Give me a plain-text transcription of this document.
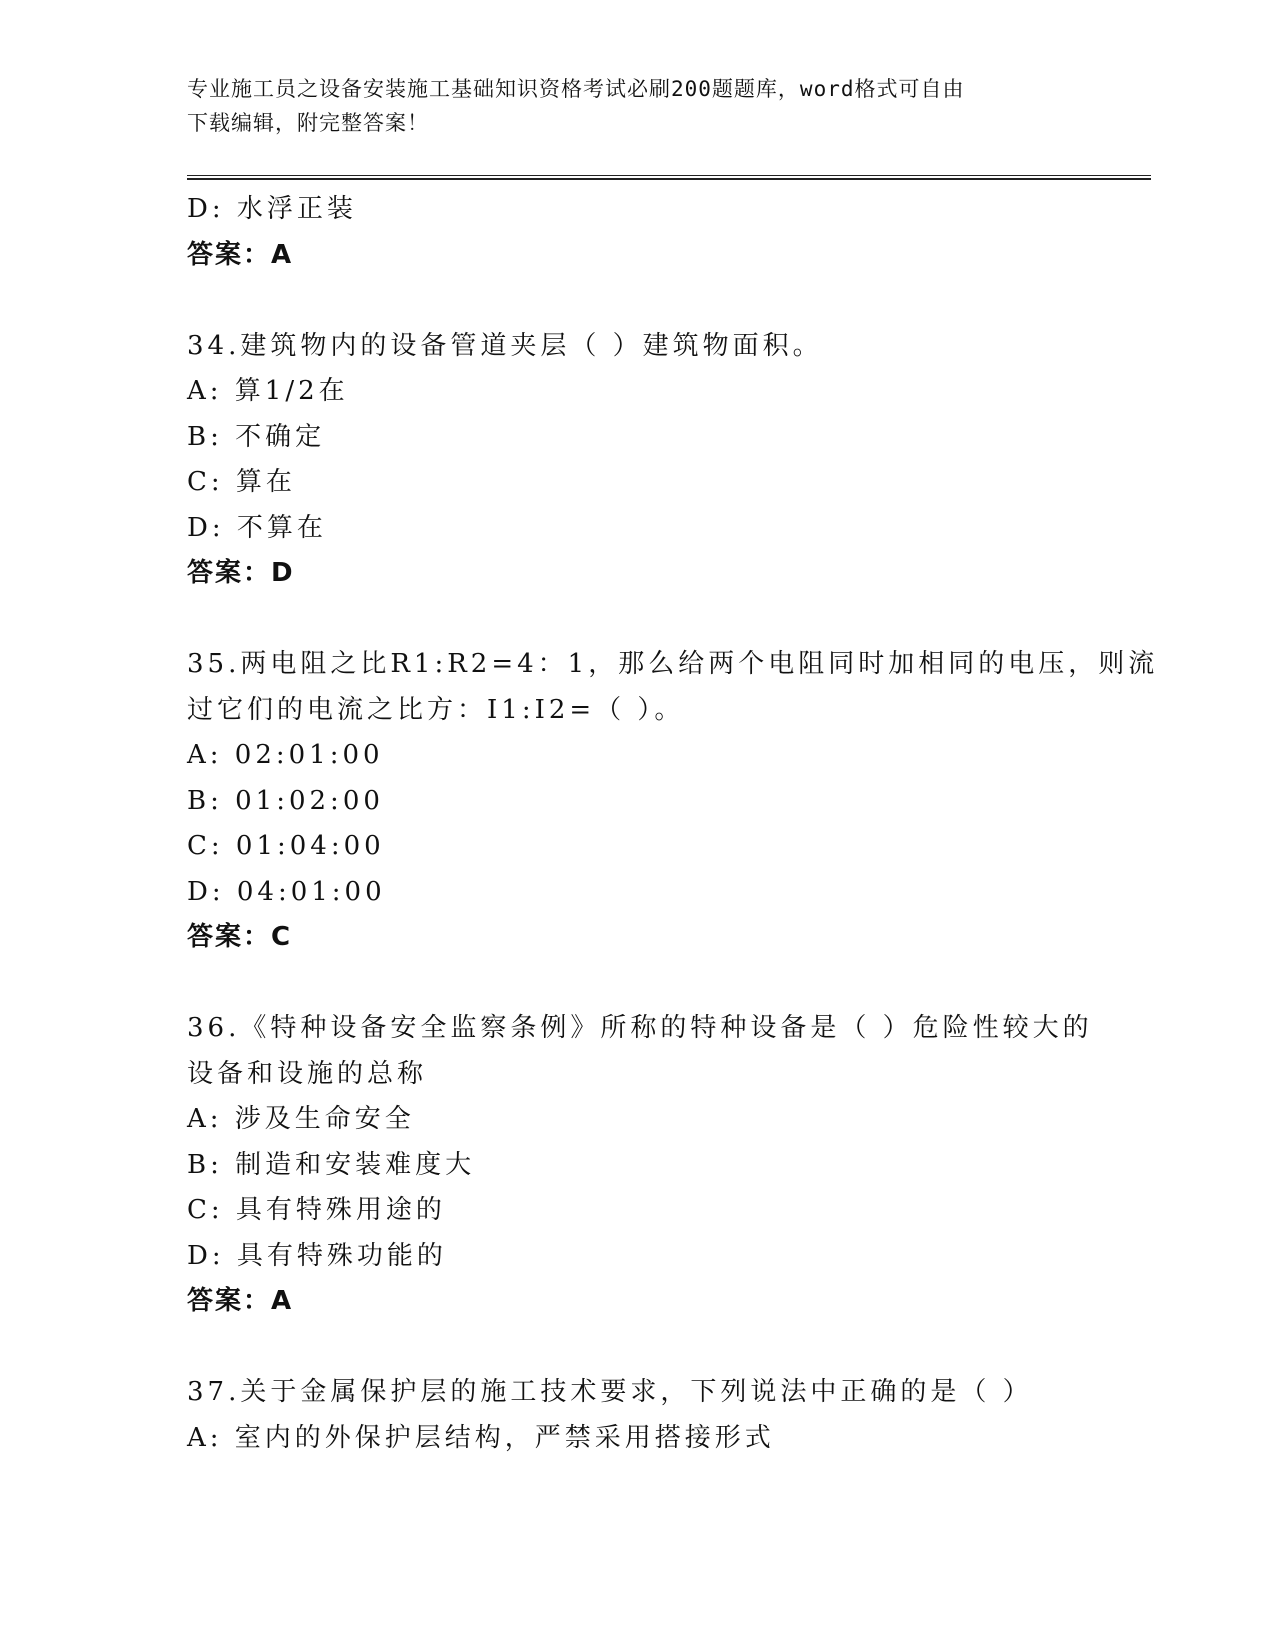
专业施工员之设备安装施工基础知识资格考试必刷200题题库，word格式可自由
下载编辑，附完整答案！
D: 水浮正装
答案：A
34.建筑物内的设备管道夹层（ ）建筑物面积。
A: 算1/2在
B: 不确定
C: 算在
D: 不算在
答案：D
35.两电阻之比R1:R2=4：1，那么给两个电阻同时加相同的电压，则流
过它们的电流之比方：I1:I2=（ ）。
A: 02:01:00
B: 01:02:00
C: 01:04:00
D: 04:01:00
答案：C
36.《特种设备安全监察条例》所称的特种设备是（ ）危险性较大的
设备和设施的总称
A: 涉及生命安全
B: 制造和安装难度大
C: 具有特殊用途的
D: 具有特殊功能的
答案：A
37.关于金属保护层的施工技术要求，下列说法中正确的是（ ）
A: 室内的外保护层结构，严禁采用搭接形式
